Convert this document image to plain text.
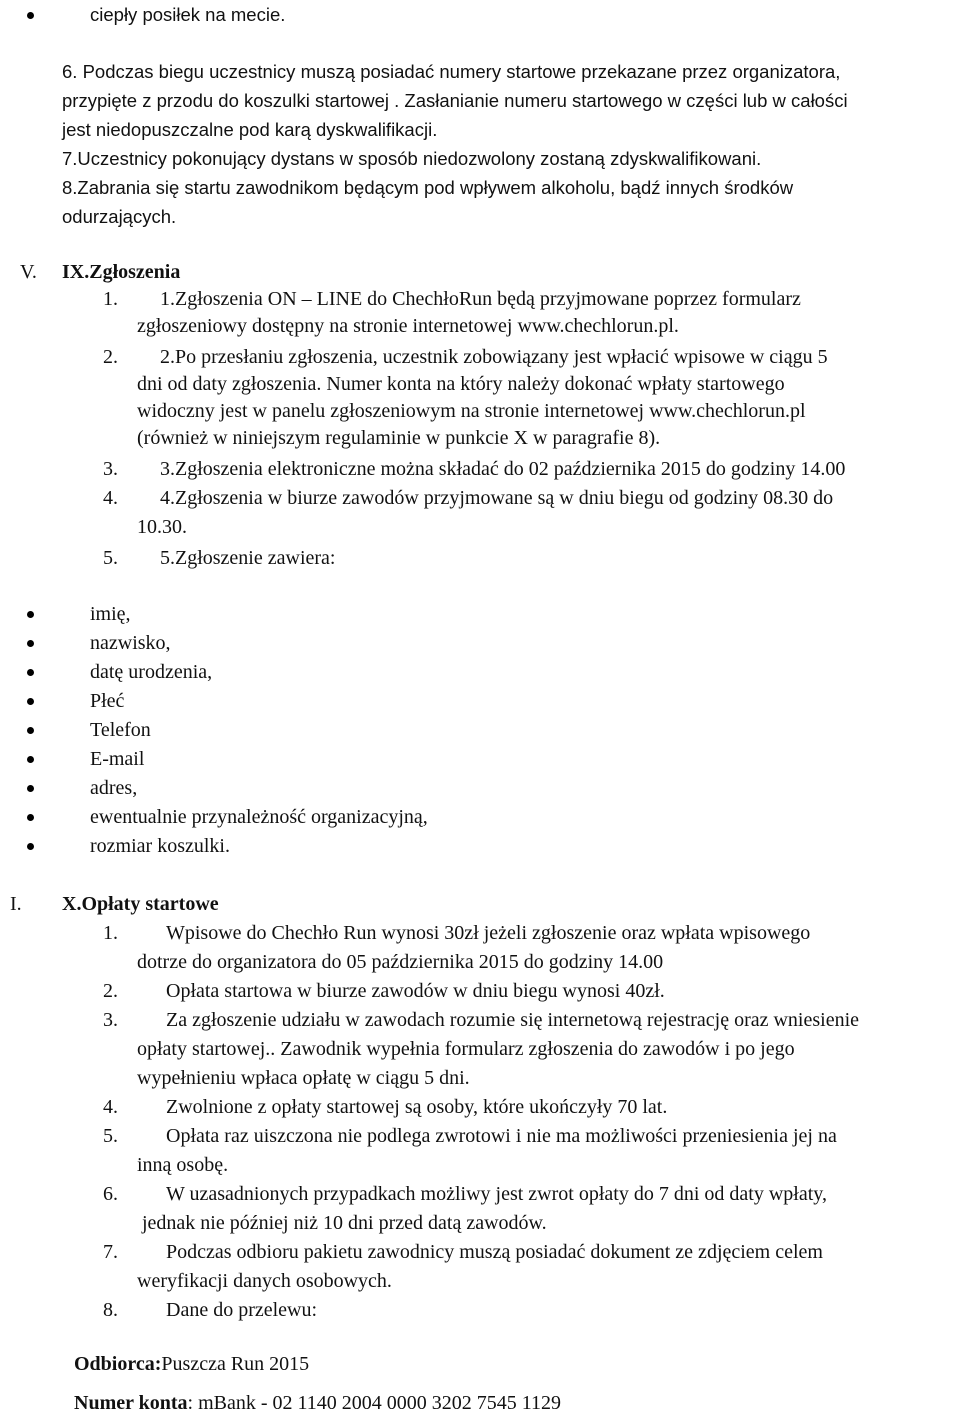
ciepły posiłek na mecie.
6. Podczas biegu uczestnicy muszą posiadać numery startowe przekazane przez organizatora,
przypięte z przodu do koszulki startowej . Zasłanianie numeru startowego w części lub w całości
jest niedopuszczalne pod karą dyskwalifikacji.
7.Uczestnicy pokonujący dystans w sposób niedozwolony zostaną zdyskwalifikowani.
8.Zabrania się startu zawodnikom będącym pod wpływem alkoholu, bądź innych środków
odurzających.
V. IX.Zgłoszenia
1. 1.Zgłoszenia ON – LINE do ChechłoRun będą przyjmowane poprzez formularz
zgłoszeniowy dostępny na stronie internetowej www.chechlorun.pl.
2. 2.Po przesłaniu zgłoszenia, uczestnik zobowiązany jest wpłacić wpisowe w ciągu 5
dni od daty zgłoszenia. Numer konta na który należy dokonać wpłaty startowego
widoczny jest w panelu zgłoszeniowym na stronie internetowej www.chechlorun.pl
(również w niniejszym regulaminie w punkcie X w paragrafie 8).
3. 3.Zgłoszenia elektroniczne można składać do 02 października 2015 do godziny 14.00
4. 4.Zgłoszenia w biurze zawodów przyjmowane są w dniu biegu od godziny 08.30 do
10.30.
5. 5.Zgłoszenie zawiera:
imię,
nazwisko,
datę urodzenia,
Płeć
Telefon
E-mail
adres,
ewentualnie przynależność organizacyjną,
rozmiar koszulki.
I. X.Opłaty startowe
1. Wpisowe do Chechło Run wynosi 30zł jeżeli zgłoszenie oraz wpłata wpisowego
dotrze do organizatora do 05 października 2015 do godziny 14.00
2. Opłata startowa w biurze zawodów w dniu biegu wynosi 40zł.
3. Za zgłoszenie udziału w zawodach rozumie się internetową rejestrację oraz wniesienie
opłaty startowej.. Zawodnik wypełnia formularz zgłoszenia do zawodów i po jego
wypełnieniu wpłaca opłatę w ciągu 5 dni.
4. Zwolnione z opłaty startowej są osoby, które ukończyły 70 lat.
5. Opłata raz uiszczona nie podlega zwrotowi i nie ma możliwości przeniesienia jej na
inną osobę.
6. W uzasadnionych przypadkach możliwy jest zwrot opłaty do 7 dni od daty wpłaty,
jednak nie później niż 10 dni przed datą zawodów.
7. Podczas odbioru pakietu zawodnicy muszą posiadać dokument ze zdjęciem celem
weryfikacji danych osobowych.
8. Dane do przelewu:
Odbiorca:Puszcza Run 2015
Numer konta: mBank - 02 1140 2004 0000 3202 7545 1129
